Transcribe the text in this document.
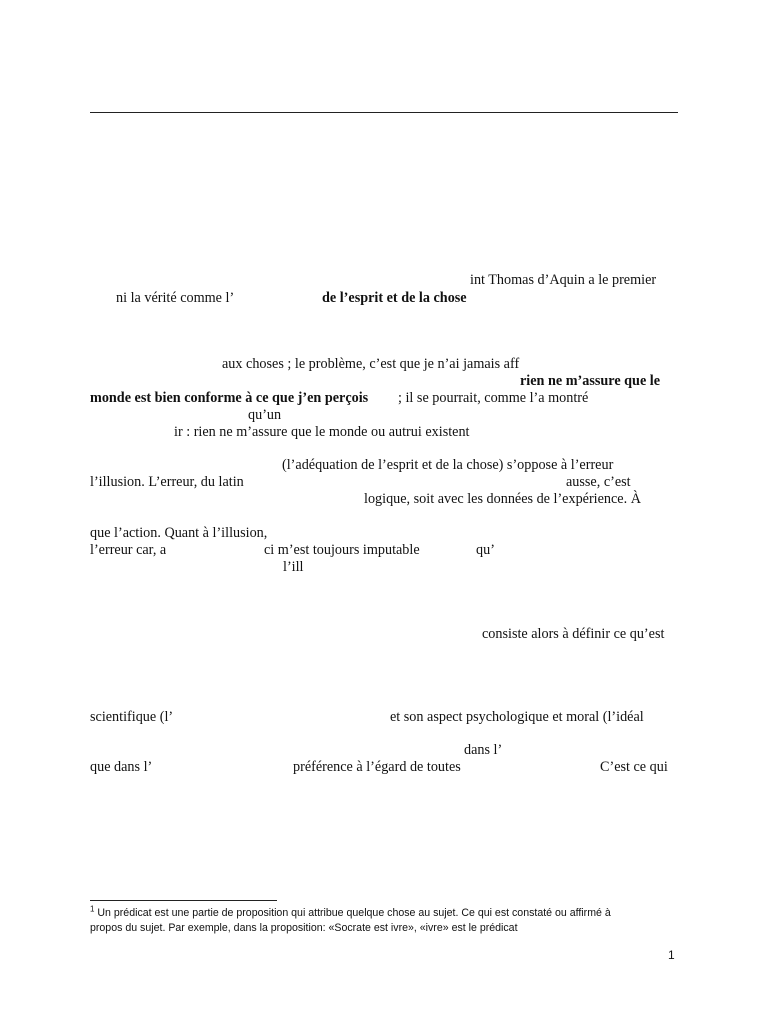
int Thomas d’Aquin a le premier
ni la vérité comme l’	de l’esprit et de la chose
aux choses ; le problème, c’est que je n’ai jamais aff
rien ne m’assure que le
monde est bien conforme à ce que j’en perçois ; il se pourrait, comme l’a montré
qu’un
ir : rien ne m’assure que le monde ou autrui existent
(l’adéquation de l’esprit et de la chose) s’oppose à l’erreur
l’illusion. L’erreur, du latin	ausse, c’est
logique, soit avec les données de l’expérience. À
que l’action. Quant à l’illusion,
l’erreur car, a	ci m’est toujours imputable	qu’
l’ill
consiste alors à définir ce qu’est
scientifique (l’	et son aspect psychologique et moral (l’idéal
dans l’
que dans l’	préférence à l’égard de toutes	C’est ce qui
$^1$ Un prédicat est une partie de proposition qui attribue quelque chose au sujet. Ce qui est constaté ou affirmé à
propos du sujet. Par exemple, dans la proposition: «Socrate est ivre», «ivre» est le prédicat
1
